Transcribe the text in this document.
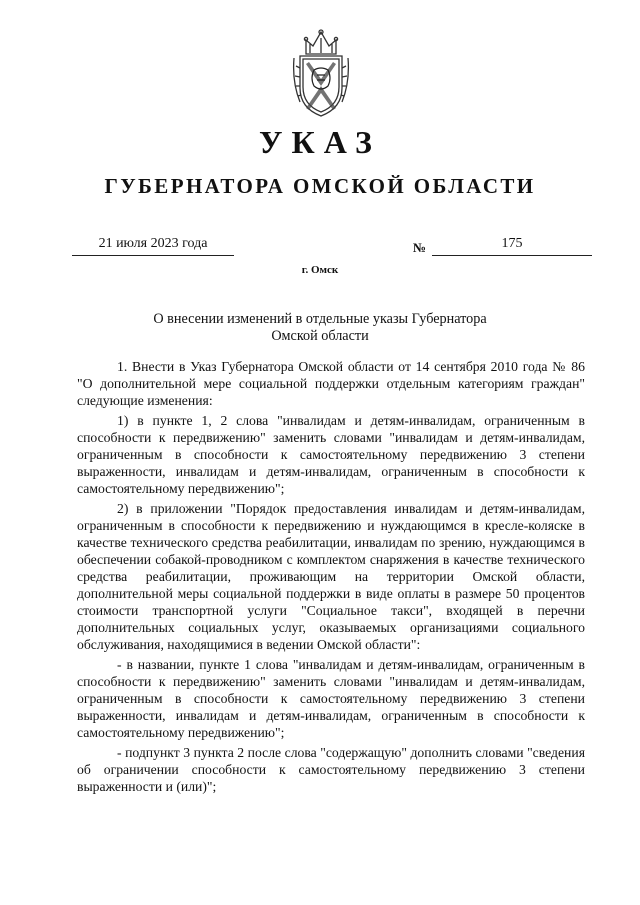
УКАЗ
ГУБЕРНАТОРА ОМСКОЙ ОБЛАСТИ
21 июля 2023 года	№	175
г. Омск

О внесении изменений в отдельные указы Губернатора
Омской области

1. Внести в Указ Губернатора Омской области от 14 сентября 2010 года № 86 "О дополнительной мере социальной поддержки отдельным категориям граждан" следующие изменения:

1) в пункте 1, 2 слова "инвалидам и детям-инвалидам, ограниченным в способности к передвижению" заменить словами "инвалидам и детям-инвалидам, ограниченным в способности к самостоятельному передвижению 3 степени выраженности, инвалидам и детям-инвалидам, ограниченным в способности к самостоятельному передвижению";

2) в приложении "Порядок предоставления инвалидам и детям-инвалидам, ограниченным в способности к передвижению и нуждающимся в кресле-коляске в качестве технического средства реабилитации, инвалидам по зрению, нуждающимся в обеспечении собакой-проводником с комплектом снаряжения в качестве технического средства реабилитации, проживающим на территории Омской области, дополнительной меры социальной поддержки в виде оплаты в размере 50 процентов стоимости транспортной услуги "Социальное такси", входящей в перечни дополнительных социальных услуг, оказываемых организациями социального обслуживания, находящимися в ведении Омской области":

- в названии, пункте 1 слова "инвалидам и детям-инвалидам, ограниченным в способности к передвижению" заменить словами "инвалидам и детям-инвалидам, ограниченным в способности к самостоятельному передвижению 3 степени выраженности, инвалидам и детям-инвалидам, ограниченным в способности к самостоятельному передвижению";

- подпункт 3 пункта 2 после слова "содержащую" дополнить словами "сведения об ограничении способности к самостоятельному передвижению 3 степени выраженности и (или)";
